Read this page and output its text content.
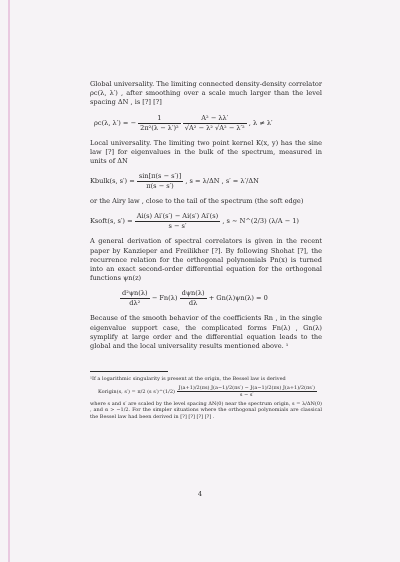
Global universality. The limiting connected density-density correlator ρc(λ, λ′) , after smoothing over a scale much larger than the level spacing ΔN , is [?] [?]

ρc(λ, λ′) = − $\frac{1}{\text{2π²(λ − λ′)²}}$
$\frac{\text{A² − λλ′}}{\text{√A² − λ² √A² − λ′²}}$ , λ ≠ λ′

Local universality. The limiting two point kernel K(x, y) has the sine law [?] for eigenvalues in the bulk of the spectrum, measured in units of ΔN

Kbulk(s, $s') = \frac{\sin[\pi(s - s')]}{\pi(s - s')}$ , s = λ/ΔN , s′ = λ′/ΔN

or the Airy law , close to the tail of the spectrum (the soft edge)

Ksoft(s, $s') = \frac{Ai(s) Ai'(s') - Ai(s') Ai'(s)}{s - s'}$ , s ∼ N^(2/3) (λ/A − 1)

A general derivation of spectral correlators is given in the recent paper by Kanzieper and Freilikher [?]. By following Shohat [?], the recurrence relation for the orthogonal polynomials Pn(x) is turned into an exact second-order differential equation for the orthogonal functions ψn(z)

$\frac{\text{d²ψn(λ)}}{\text{dλ²}} - Fn(\lambda) \frac{\text{dψn(λ)}}{d\lambda} + Gn(\lambda)\psi n(\lambda) = 0$

Because of the smooth behavior of the coefficients Rn , in the single eigenvalue support case, the complicated forms Fn(λ) , Gn(λ) symplify at large order and the differential equation leads to the global and the local universality results mentioned above. ¹

¹If a logarithmic singularity is present at the origin, the Bessel law is derived
Korigin(s, s′) = π/2 (s s′)^(1/2) $\frac{J(a+1)/2(\pi s) J(a-1)/2(\pi s') - J(a-1)/2(\pi s) J(a+1)/2(\pi s')}{s - s'}$

where s and s′ are scaled by the level spacing ΔN(0) near the spectrum origin, s = λ/ΔN(0) , and α > −1/2. For the simpler situations where the orthogonal polynomials are classical the Bessel law had been derived in [?] [?] [?] [?] .

4
